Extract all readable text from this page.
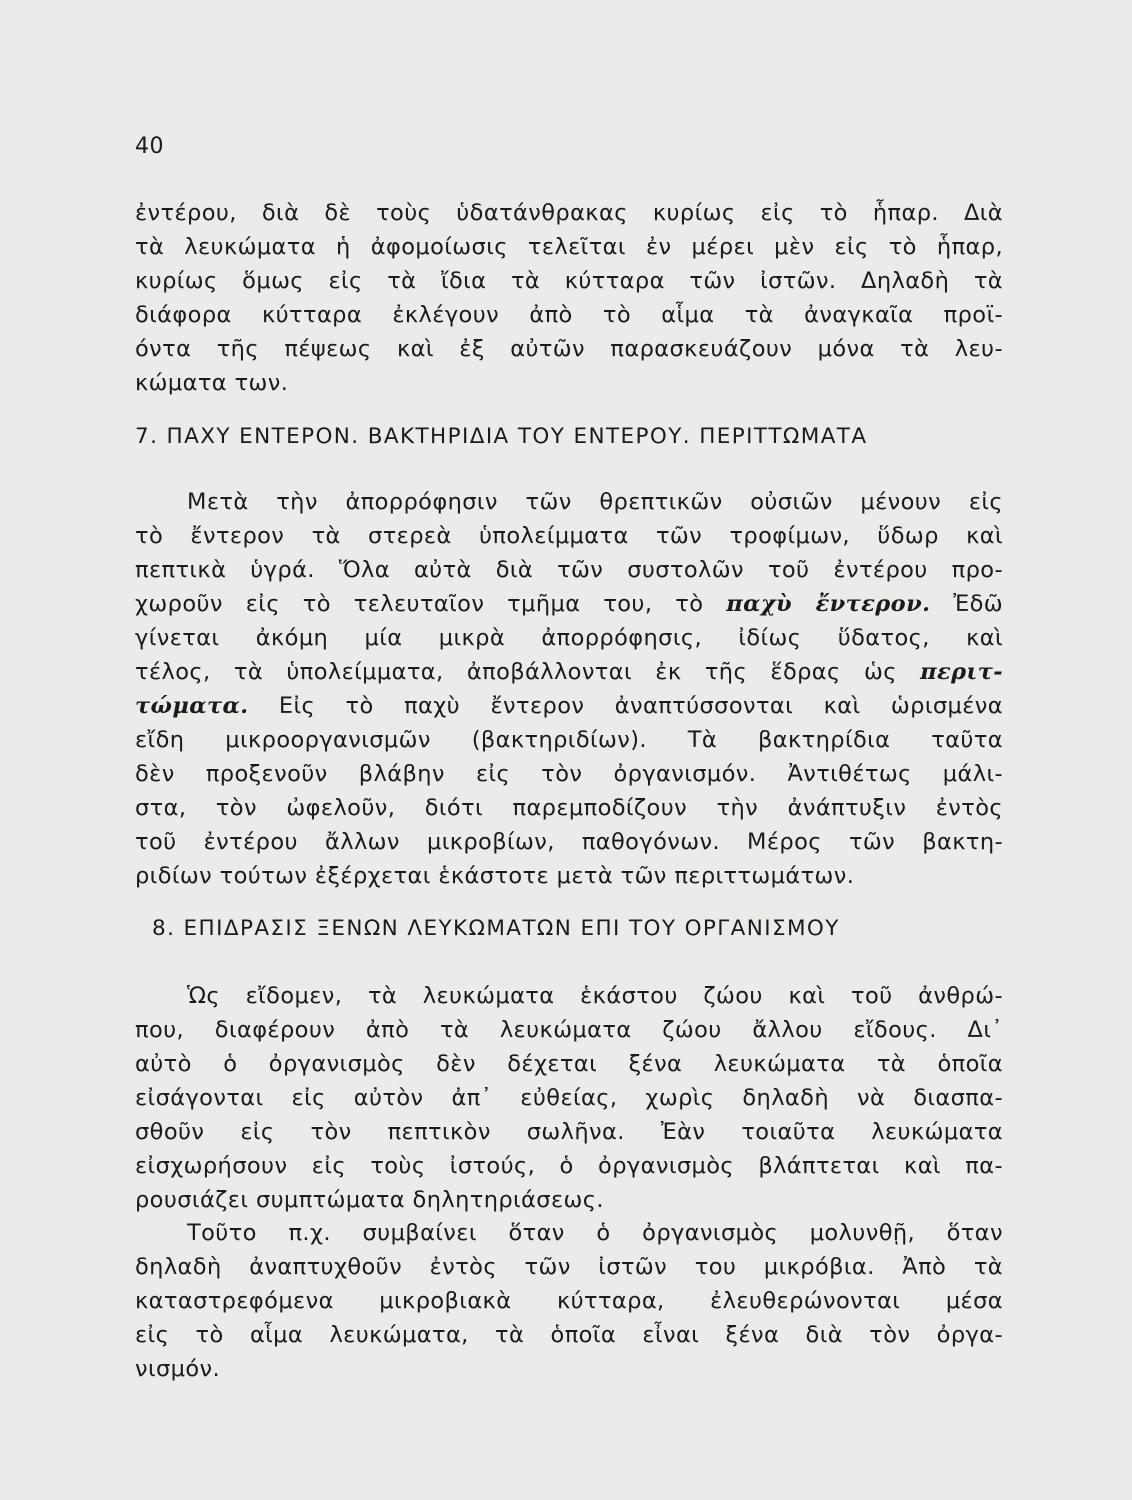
40
ἐντέρου, διὰ δὲ τοὺς ὑδατάνθρακας κυρίως εἰς τὸ ἧπαρ. Διὰ
τὰ λευκώματα ἡ ἀφομοίωσις τελεῖται ἐν μέρει μὲν εἰς τὸ ἧπαρ,
κυρίως ὅμως εἰς τὰ ἴδια τὰ κύτταρα τῶν ἰστῶν. Δηλαδὴ τὰ
διάφορα κύτταρα ἐκλέγουν ἀπὸ τὸ αἷμα τὰ ἀναγκαῖα προϊ-
όντα τῆς πέψεως καὶ ἐξ αὐτῶν παρασκευάζουν μόνα τὰ λευ-
κώματα των.
7. ΠΑΧΥ ΕΝΤΕΡΟΝ. ΒΑΚΤΗΡΙΔΙΑ ΤΟΥ ΕΝΤΕΡΟΥ. ΠΕΡΙΤΤΩΜΑΤΑ
Μετὰ τὴν ἀπορρόφησιν τῶν θρεπτικῶν οὐσιῶν μένουν εἰς
τὸ ἔντερον τὰ στερεὰ ὑπολείμματα τῶν τροφίμων, ὕδωρ καὶ
πεπτικὰ ὑγρά. Ὅλα αὐτὰ διὰ τῶν συστολῶν τοῦ ἐντέρου προ-
χωροῦν εἰς τὸ τελευταῖον τμῆμα του, τὸ παχὺ ἔντερον. Ἐδῶ
γίνεται ἀκόμη μία μικρὰ ἀπορρόφησις, ἰδίως ὕδατος, καὶ
τέλος, τὰ ὑπολείμματα, ἀποβάλλονται ἐκ τῆς ἕδρας ὡς περιτ-
τώματα. Εἰς τὸ παχὺ ἔντερον ἀναπτύσσονται καὶ ὡρισμένα
εἴδη μικροοργανισμῶν (βακτηριδίων). Τὰ βακτηρίδια ταῦτα
δὲν προξενοῦν βλάβην εἰς τὸν ὀργανισμόν. Ἀντιθέτως μάλι-
στα, τὸν ὠφελοῦν, διότι παρεμποδίζουν τὴν ἀνάπτυξιν ἐντὸς
τοῦ ἐντέρου ἄλλων μικροβίων, παθογόνων. Μέρος τῶν βακτη-
ριδίων τούτων ἐξέρχεται ἑκάστοτε μετὰ τῶν περιττωμάτων.
8. ΕΠΙΔΡΑΣΙΣ ΞΕΝΩΝ ΛΕΥΚΩΜΑΤΩΝ ΕΠΙ ΤΟΥ ΟΡΓΑΝΙΣΜΟΥ
Ὡς εἴδομεν, τὰ λευκώματα ἑκάστου ζώου καὶ τοῦ ἀνθρώ-
που, διαφέρουν ἀπὸ τὰ λευκώματα ζώου ἄλλου εἴδους. Δι᾿
αὐτὸ ὁ ὀργανισμὸς δὲν δέχεται ξένα λευκώματα τὰ ὁποῖα
εἰσάγονται εἰς αὐτὸν ἀπ᾿ εὐθείας, χωρὶς δηλαδὴ νὰ διασπα-
σθοῦν εἰς τὸν πεπτικὸν σωλῆνα. Ἐὰν τοιαῦτα λευκώματα
εἰσχωρήσουν εἰς τοὺς ἰστούς, ὁ ὀργανισμὸς βλάπτεται καὶ πα-
ρουσιάζει συμπτώματα δηλητηριάσεως.
Τοῦτο π.χ. συμβαίνει ὅταν ὁ ὀργανισμὸς μολυνθῇ, ὅταν
δηλαδὴ ἀναπτυχθοῦν ἐντὸς τῶν ἰστῶν του μικρόβια. Ἀπὸ τὰ
καταστρεφόμενα μικροβιακὰ κύτταρα, ἐλευθερώνονται μέσα
εἰς τὸ αἷμα λευκώματα, τὰ ὁποῖα εἶναι ξένα διὰ τὸν ὀργα-
νισμόν.
